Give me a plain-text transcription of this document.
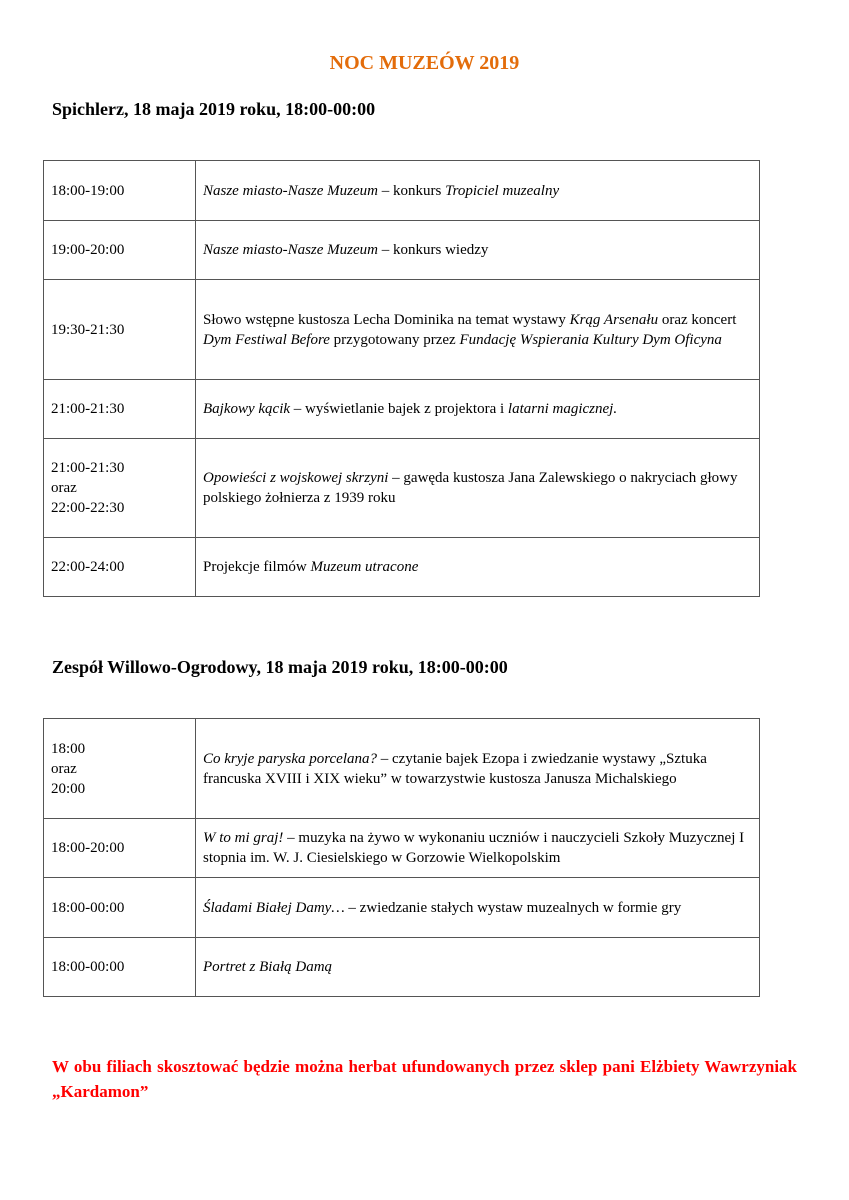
NOC MUZEÓW 2019
Spichlerz, 18 maja 2019 roku, 18:00-00:00
18:00-19:00	Nasze miasto-Nasze Muzeum – konkurs Tropiciel muzealny
19:00-20:00	Nasze miasto-Nasze Muzeum – konkurs wiedzy
19:30-21:30	Słowo wstępne kustosza Lecha Dominika na temat wystawy Krąg Arsenału oraz koncert Dym Festiwal Before przygotowany przez Fundację Wspierania Kultury Dym Oficyna
21:00-21:30	Bajkowy kącik – wyświetlanie bajek z projektora i latarni magicznej.
21:00-21:30
oraz
22:00-22:30	Opowieści z wojskowej skrzyni – gawęda kustosza Jana Zalewskiego o nakryciach głowy polskiego żołnierza z 1939 roku
22:00-24:00	Projekcje filmów Muzeum utracone
Zespół Willowo-Ogrodowy, 18 maja 2019 roku, 18:00-00:00
18:00
oraz
20:00	Co kryje paryska porcelana? – czytanie bajek Ezopa i zwiedzanie wystawy „Sztuka francuska XVIII i XIX wieku” w towarzystwie kustosza Janusza Michalskiego
18:00-20:00	W to mi graj! – muzyka na żywo w wykonaniu uczniów i nauczycieli Szkoły Muzycznej I stopnia im. W. J. Ciesielskiego w Gorzowie Wielkopolskim
18:00-00:00	Śladami Białej Damy… – zwiedzanie stałych wystaw muzealnych w formie gry
18:00-00:00	Portret z Białą Damą

W obu filiach skosztować będzie można herbat ufundowanych przez sklep pani Elżbiety Wawrzyniak „Kardamon”
